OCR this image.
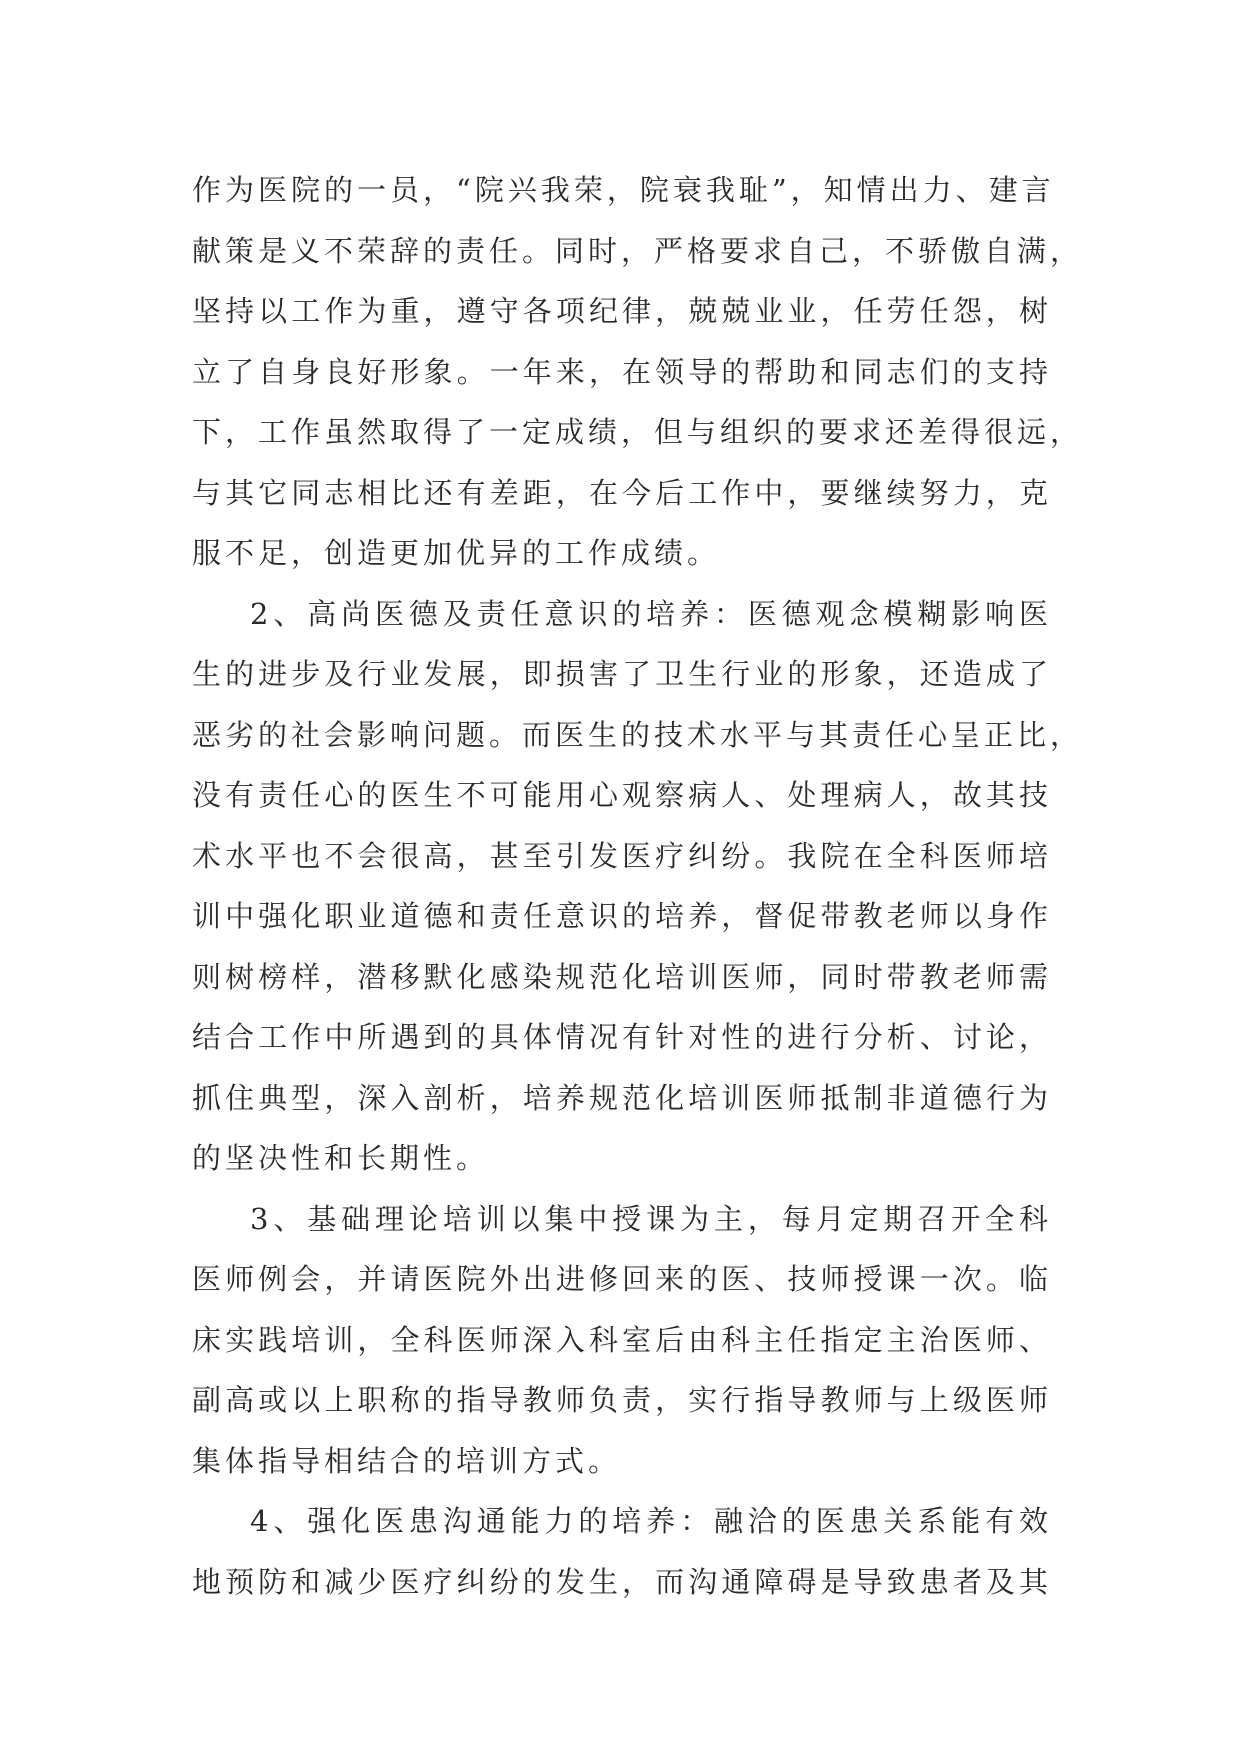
作为医院的一员，“院兴我荣，院衰我耻”，知情出力、建言
献策是义不荣辞的责任。同时，严格要求自己，不骄傲自满，
坚持以工作为重，遵守各项纪律，兢兢业业，任劳任怨，树
立了自身良好形象。一年来，在领导的帮助和同志们的支持
下，工作虽然取得了一定成绩，但与组织的要求还差得很远，
与其它同志相比还有差距，在今后工作中，要继续努力，克
服不足，创造更加优异的工作成绩。
2、高尚医德及责任意识的培养：医德观念模糊影响医
生的进步及行业发展，即损害了卫生行业的形象，还造成了
恶劣的社会影响问题。而医生的技术水平与其责任心呈正比，
没有责任心的医生不可能用心观察病人、处理病人，故其技
术水平也不会很高，甚至引发医疗纠纷。我院在全科医师培
训中强化职业道德和责任意识的培养，督促带教老师以身作
则树榜样，潜移默化感染规范化培训医师，同时带教老师需
结合工作中所遇到的具体情况有针对性的进行分析、讨论，
抓住典型，深入剖析，培养规范化培训医师抵制非道德行为
的坚决性和长期性。
3、基础理论培训以集中授课为主，每月定期召开全科
医师例会，并请医院外出进修回来的医、技师授课一次。临
床实践培训，全科医师深入科室后由科主任指定主治医师、
副高或以上职称的指导教师负责，实行指导教师与上级医师
集体指导相结合的培训方式。
4、强化医患沟通能力的培养：融洽的医患关系能有效
地预防和减少医疗纠纷的发生，而沟通障碍是导致患者及其
